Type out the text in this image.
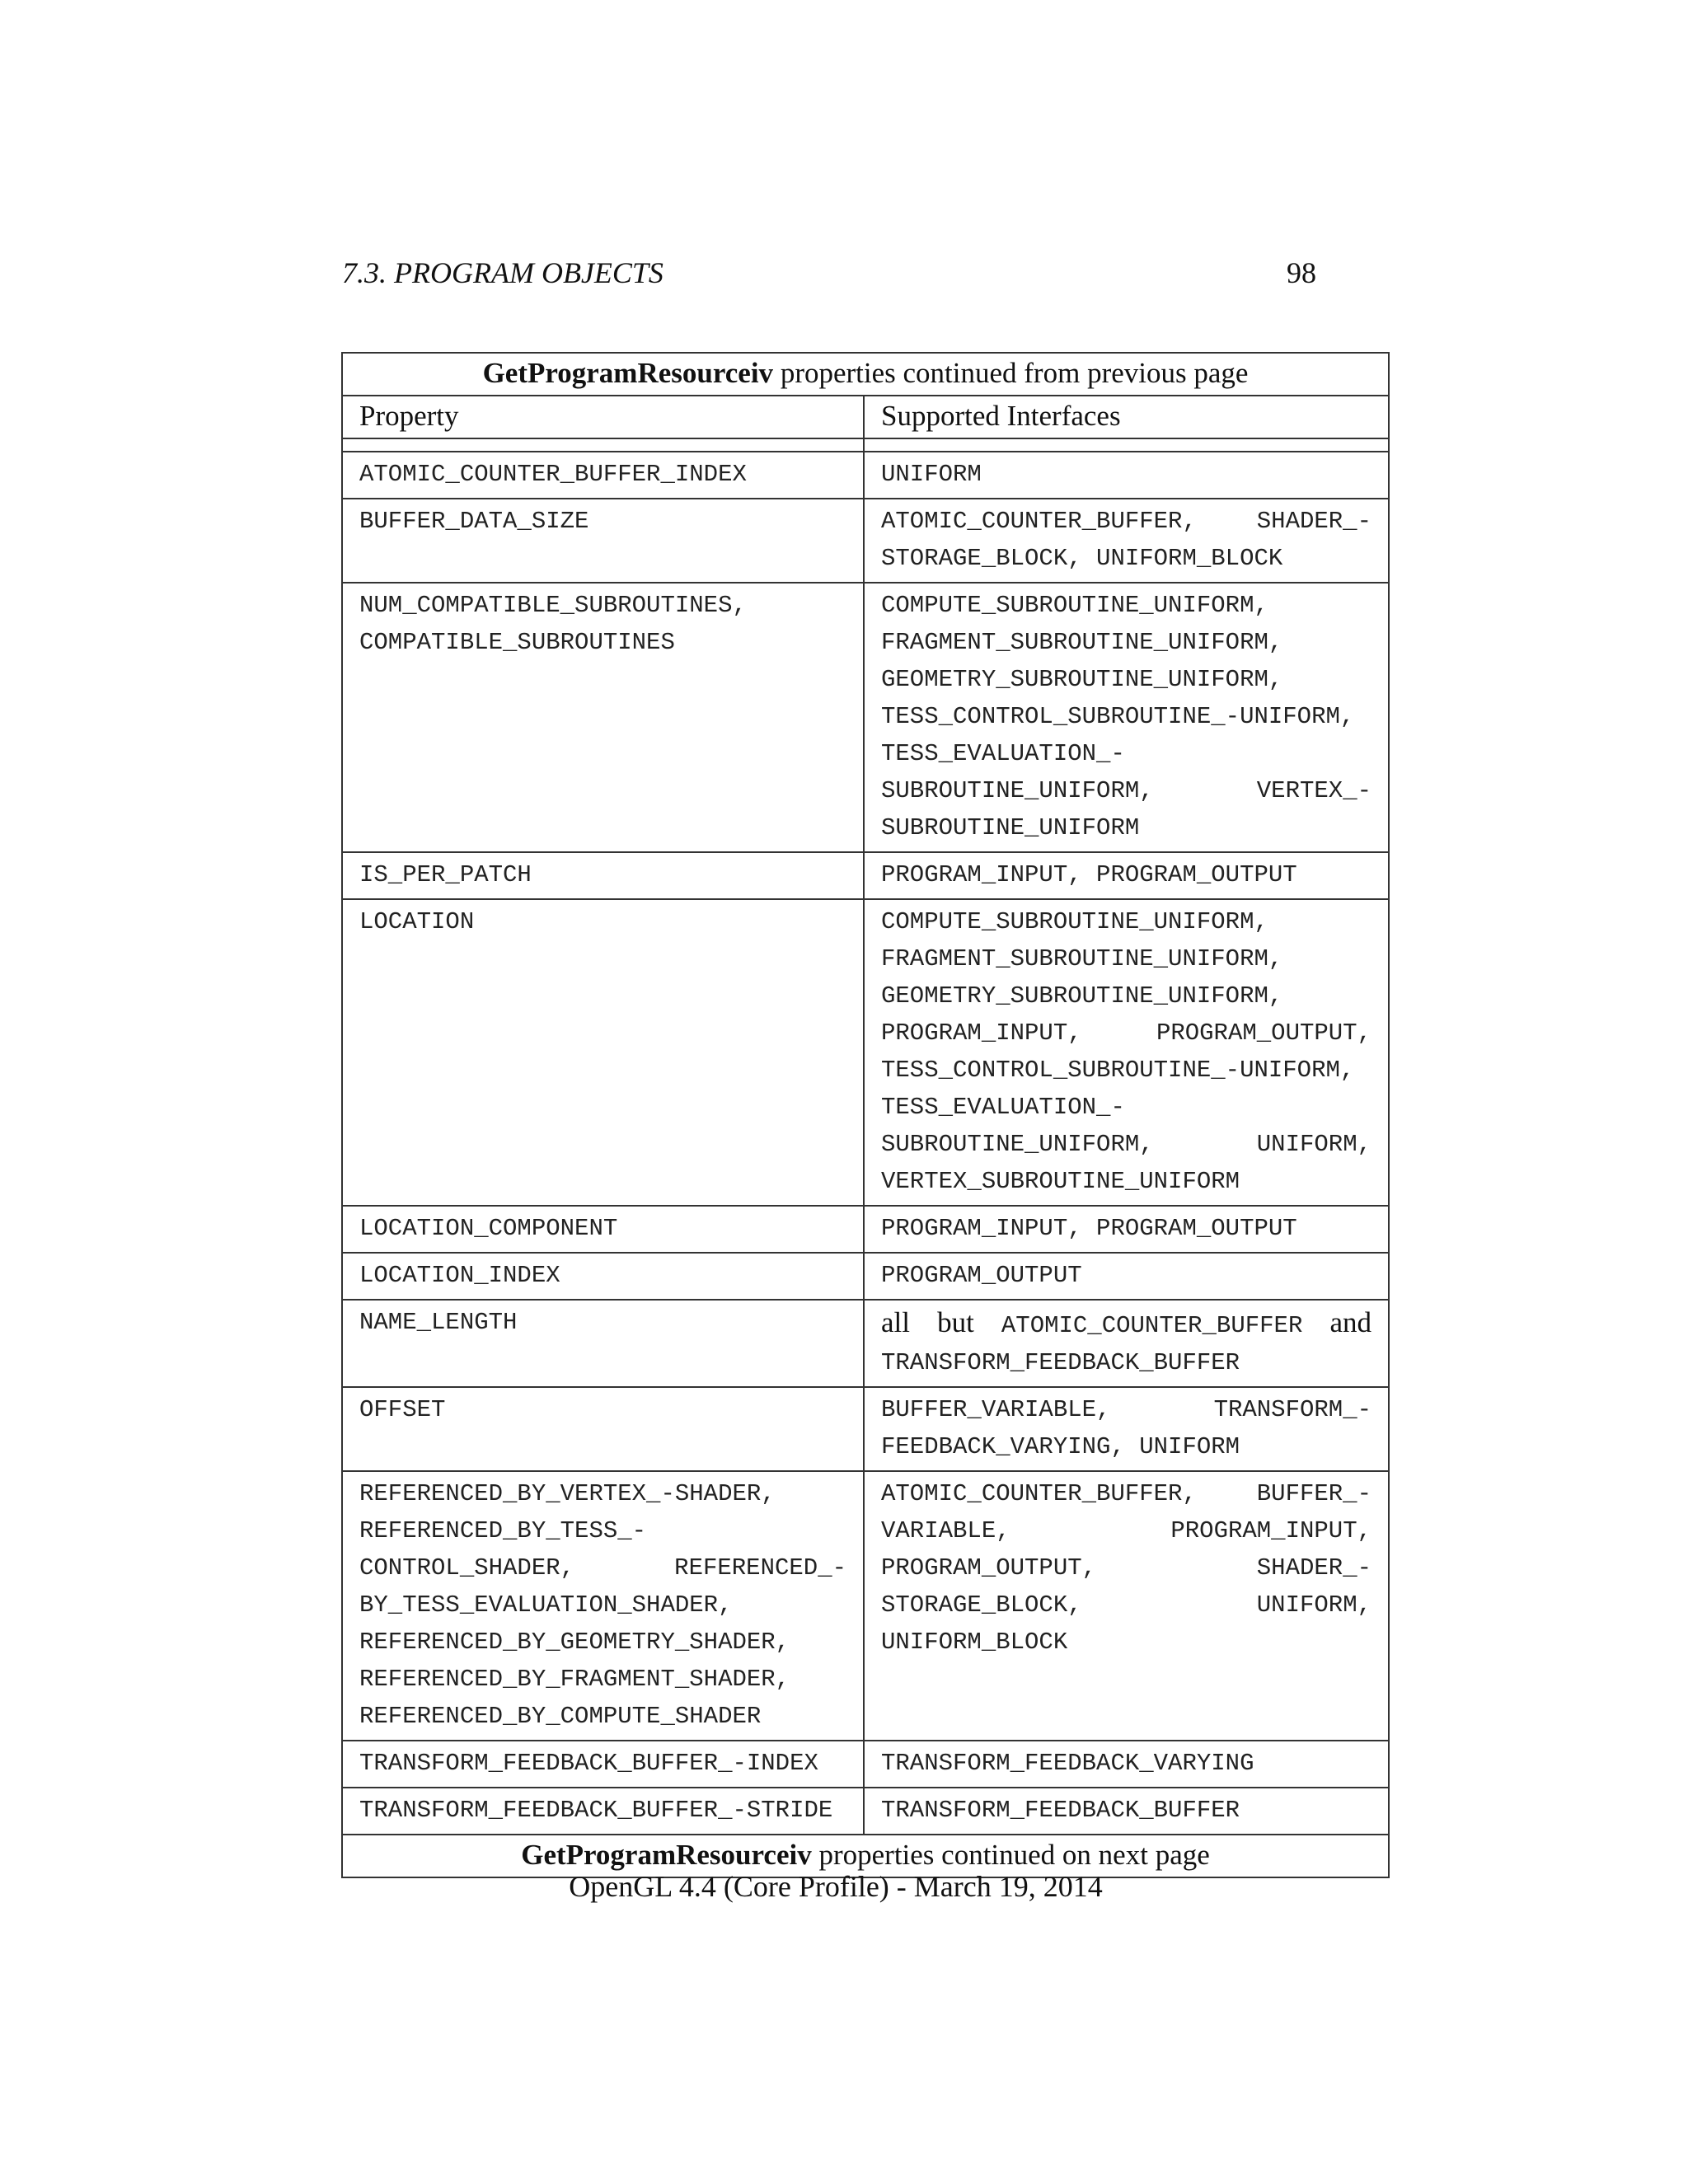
7.3. PROGRAM OBJECTS	98
GetProgramResourceiv properties continued from previous page	
Property	Supported Interfaces

ATOMIC_COUNTER_BUFFER_INDEX	UNIFORM
BUFFER_DATA_SIZE	ATOMIC_COUNTER_BUFFER, SHADER_-STORAGE_BLOCK, UNIFORM_BLOCK
NUM_COMPATIBLE_SUBROUTINES, COMPATIBLE_SUBROUTINES	COMPUTE_SUBROUTINE_UNIFORM, FRAGMENT_SUBROUTINE_UNIFORM, GEOMETRY_SUBROUTINE_UNIFORM, TESS_CONTROL_SUBROUTINE_-UNIFORM, TESS_EVALUATION_-SUBROUTINE_UNIFORM, VERTEX_-SUBROUTINE_UNIFORM
IS_PER_PATCH	PROGRAM_INPUT, PROGRAM_OUTPUT
LOCATION	COMPUTE_SUBROUTINE_UNIFORM, FRAGMENT_SUBROUTINE_UNIFORM, GEOMETRY_SUBROUTINE_UNIFORM, PROGRAM_INPUT, PROGRAM_OUTPUT, TESS_CONTROL_SUBROUTINE_-UNIFORM, TESS_EVALUATION_-SUBROUTINE_UNIFORM, UNIFORM, VERTEX_SUBROUTINE_UNIFORM
LOCATION_COMPONENT	PROGRAM_INPUT, PROGRAM_OUTPUT
LOCATION_INDEX	PROGRAM_OUTPUT
NAME_LENGTH	all but ATOMIC_COUNTER_BUFFER and TRANSFORM_FEEDBACK_BUFFER
OFFSET	BUFFER_VARIABLE, TRANSFORM_-FEEDBACK_VARYING, UNIFORM
REFERENCED_BY_VERTEX_-SHADER, REFERENCED_BY_TESS_-CONTROL_SHADER, REFERENCED_-BY_TESS_EVALUATION_SHADER, REFERENCED_BY_GEOMETRY_SHADER, REFERENCED_BY_FRAGMENT_SHADER, REFERENCED_BY_COMPUTE_SHADER	ATOMIC_COUNTER_BUFFER, BUFFER_-VARIABLE, PROGRAM_INPUT, PROGRAM_OUTPUT, SHADER_-STORAGE_BLOCK, UNIFORM, UNIFORM_BLOCK
TRANSFORM_FEEDBACK_BUFFER_-INDEX	TRANSFORM_FEEDBACK_VARYING
TRANSFORM_FEEDBACK_BUFFER_-STRIDE	TRANSFORM_FEEDBACK_BUFFER
GetProgramResourceiv properties continued on next page	
OpenGL 4.4 (Core Profile) - March 19, 2014
